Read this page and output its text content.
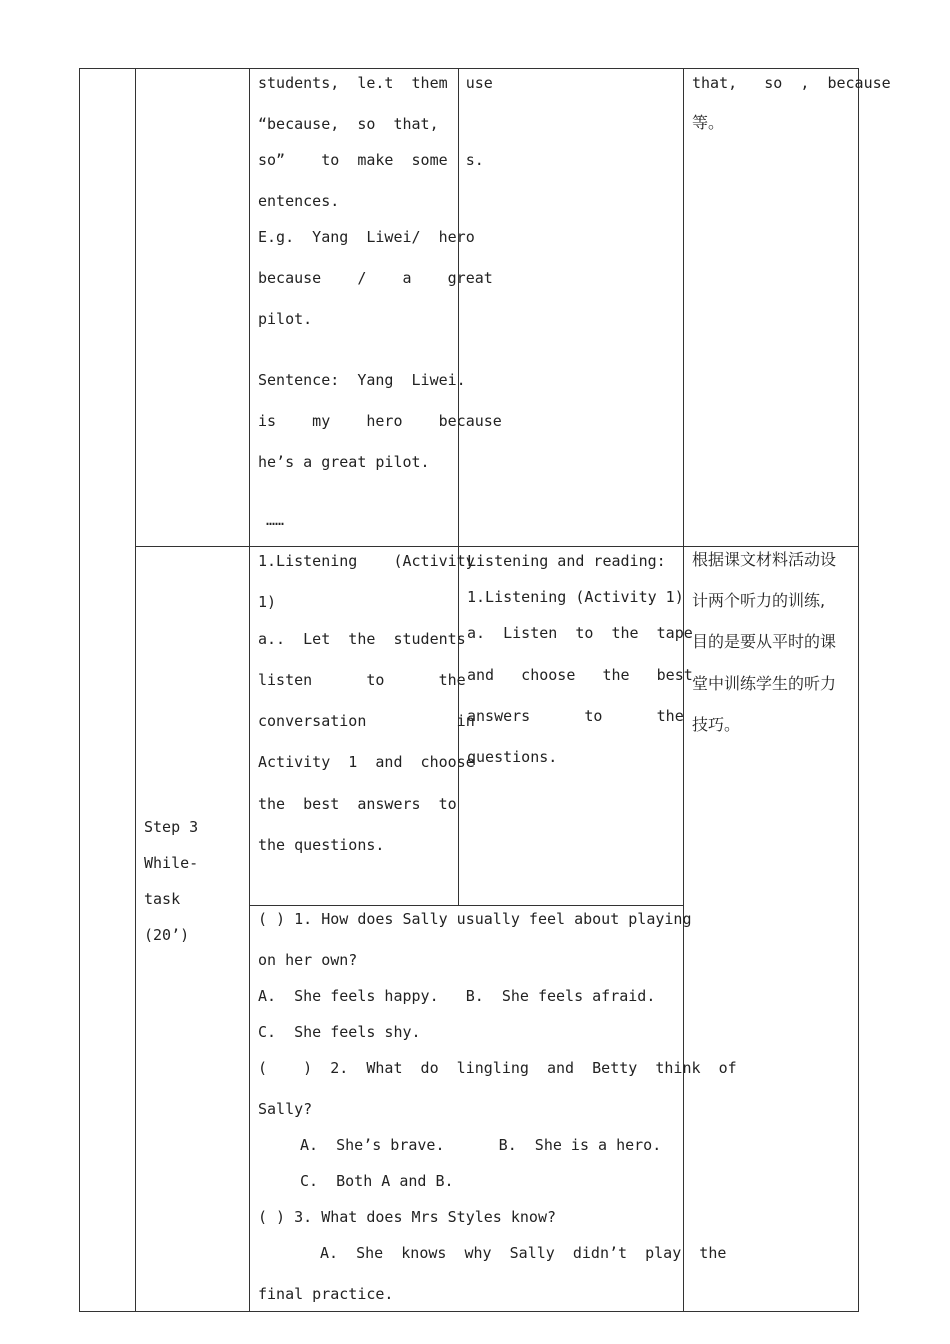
students,  le.t  them  use
“because,  so  that,
so”    to  make  some  s.
entences.
E.g.  Yang  Liwei/  hero
because    /    a    great
pilot.
Sentence:  Yang  Liwei.
is    my    hero    because
he’s a great pilot.
……
that,   so  ,  because
等。
Step 3
While-
task
(20’)
1.Listening    (Activity
1)
a..  Let  the  students
listen      to      the
conversation          in
Activity  1  and  choose
the  best  answers  to
the questions.
Listening and reading:
1.Listening (Activity 1)
a.  Listen  to  the  tape
and   choose   the   best
answers      to      the
questions.
根据课文材料活动设
计两个听力的训练,
目的是要从平时的课
堂中训练学生的听力
技巧。
( ) 1. How does Sally usually feel about playing
on her own?
A.  She feels happy.   B.  She feels afraid.
C.  She feels shy.
(    )  2.  What  do  lingling  and  Betty  think  of
Sally?
A.  She’s brave.      B.  She is a hero.
C.  Both A and B.
( ) 3. What does Mrs Styles know?
A.  She  knows  why  Sally  didn’t  play  the
final practice.
